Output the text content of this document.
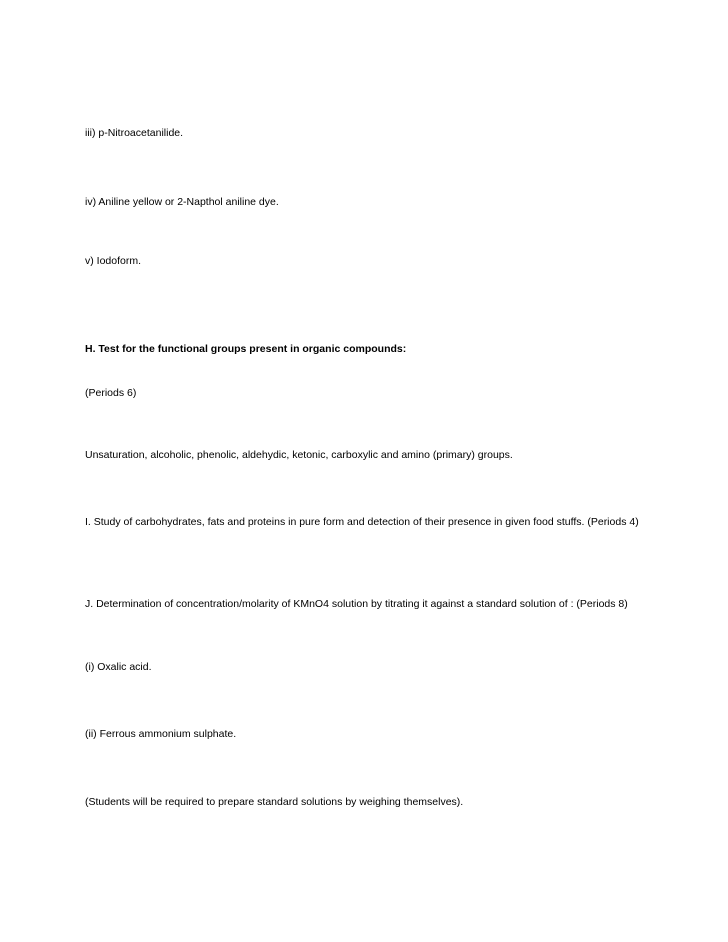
iii) p-Nitroacetanilide.
iv) Aniline yellow or 2-Napthol aniline dye.
v) Iodoform.
H. Test for the functional groups present in organic compounds:
(Periods 6)
Unsaturation, alcoholic, phenolic, aldehydic, ketonic, carboxylic and amino (primary) groups.
I. Study of carbohydrates, fats and proteins in pure form and detection of their presence in given food stuffs. (Periods 4)
J. Determination of concentration/molarity of KMnO4 solution by titrating it against a standard solution of : (Periods 8)
(i) Oxalic acid.
(ii) Ferrous ammonium sulphate.
(Students will be required to prepare standard solutions by weighing themselves).
